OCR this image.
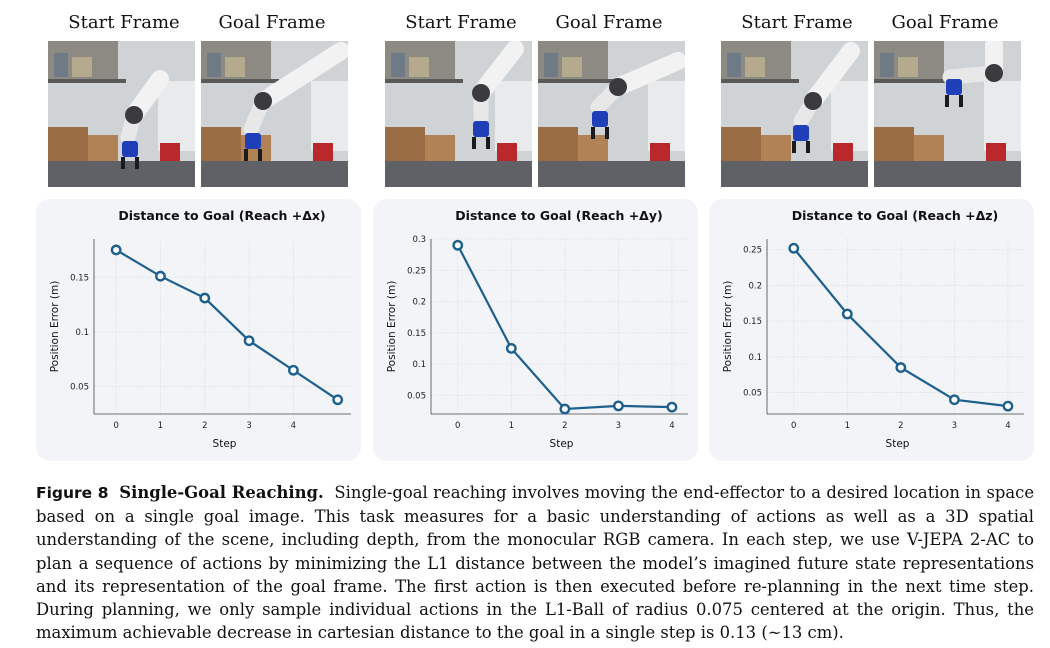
Start Frame	Goal Frame
Distance to Goal (Reach +Δx)
0.05
0.1
0.15
0	1	2	3	4
Step
Position Error (m)
Start Frame	Goal Frame
Distance to Goal (Reach +Δy)
0.05
0.1
0.15
0.2
0.25
0.3
0	1	2	3	4
Step
Position Error (m)
Start Frame	Goal Frame
Distance to Goal (Reach +Δz)
0.05
0.1
0.15
0.2
0.25
0	1	2	3	4
Step
Position Error (m)
Figure 8 Single-Goal Reaching. Single-goal reaching involves moving the end-effector to a desired location in space based on a single goal image. This task measures for a basic understanding of actions as well as a 3D spatial understanding of the scene, including depth, from the monocular RGB camera. In each step, we use V-JEPA 2-AC to plan a sequence of actions by minimizing the L1 distance between the model’s imagined future state representations and its representation of the goal frame. The first action is then executed before re-planning in the next time step. During planning, we only sample individual actions in the L1-Ball of radius 0.075 centered at the origin. Thus, the maximum achievable decrease in cartesian distance to the goal in a single step is 0.13 (∼13 cm).
